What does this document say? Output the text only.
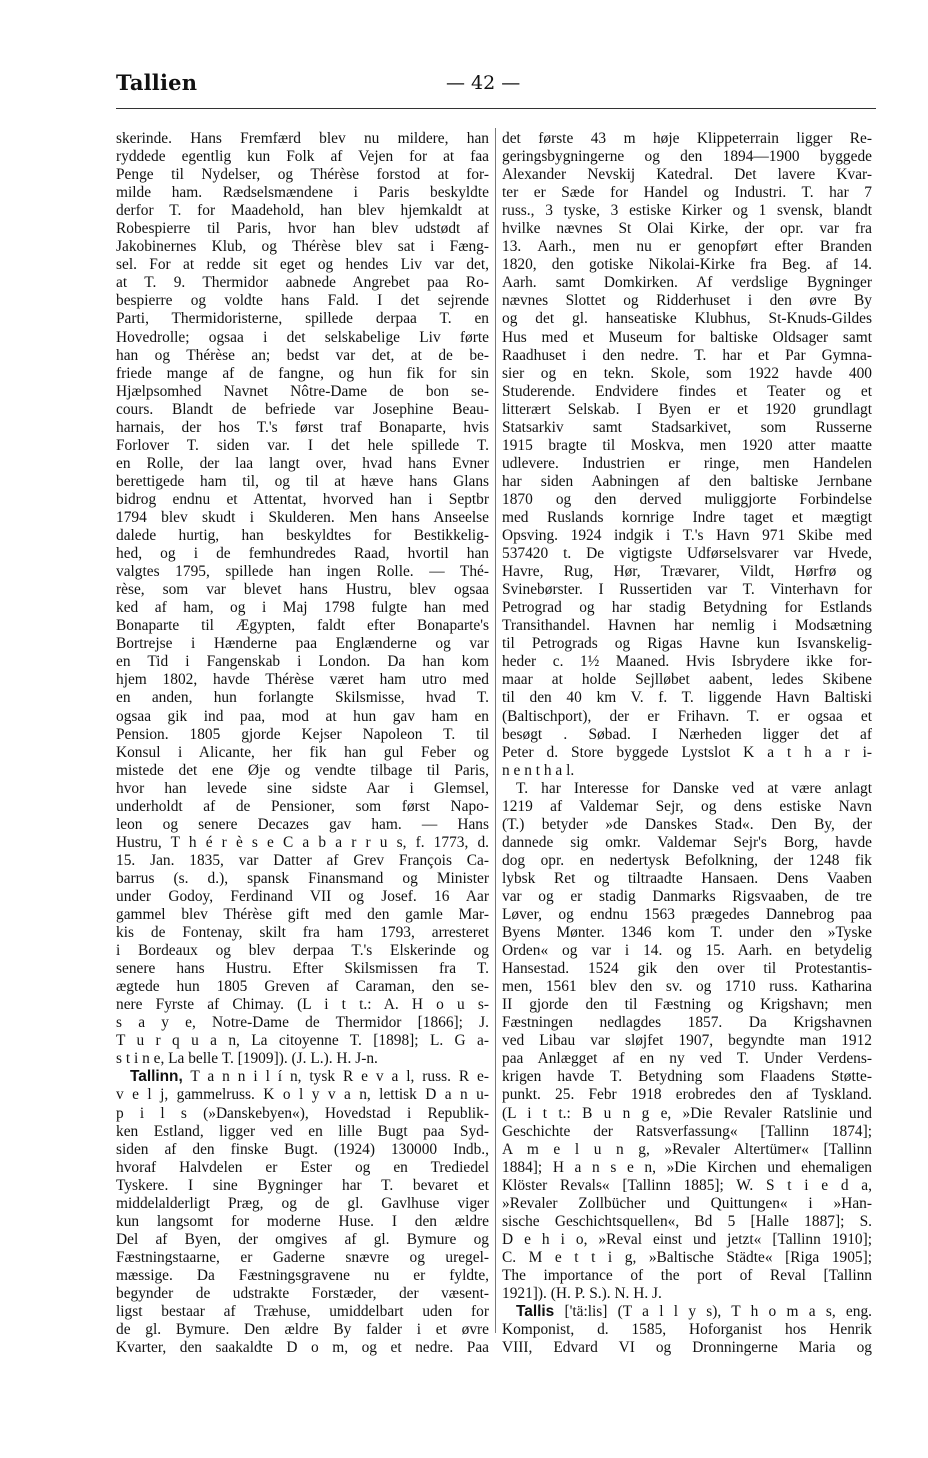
Tallien	— 42 —
skerinde. Hans Fremfærd blev nu mildere, han
ryddede egentlig kun Folk af Vejen for at faa
Penge til Nydelser, og Thérèse forstod at for-
milde ham. Rædselsmændene i Paris beskyldte
derfor T. for Maadehold, han blev hjemkaldt at
Robespierre til Paris, hvor han blev udstødt af
Jakobinernes Klub, og Thérèse blev sat i Fæng-
sel. For at redde sit eget og hendes Liv var det,
at T. 9. Thermidor aabnede Angrebet paa Ro-
bespierre og voldte hans Fald. I det sejrende
Parti, Thermidoristerne, spillede derpaa T. en
Hovedrolle; ogsaa i det selskabelige Liv førte
han og Thérèse an; bedst var det, at de be-
friede mange af de fangne, og hun fik for sin
Hjælpsomhed Navnet Nôtre-Dame de bon se-
cours. Blandt de befriede var Josephine Beau-
harnais, der hos T.'s først traf Bonaparte, hvis
Forlover T. siden var. I det hele spillede T.
en Rolle, der laa langt over, hvad hans Evner
berettigede ham til, og til at hæve hans Glans
bidrog endnu et Attentat, hvorved han i Septbr
1794 blev skudt i Skulderen. Men hans Anseelse
dalede hurtig, han beskyldtes for Bestikkelig-
hed, og i de femhundredes Raad, hvortil han
valgtes 1795, spillede han ingen Rolle. — Thé-
rèse, som var blevet hans Hustru, blev ogsaa
ked af ham, og i Maj 1798 fulgte han med
Bonaparte til Ægypten, faldt efter Bonaparte's
Bortrejse i Hænderne paa Englænderne og var
en Tid i Fangenskab i London. Da han kom
hjem 1802, havde Thérèse været ham utro med
en anden, hun forlangte Skilsmisse, hvad T.
ogsaa gik ind paa, mod at hun gav ham en
Pension. 1805 gjorde Kejser Napoleon T. til
Konsul i Alicante, her fik han gul Feber og
mistede det ene Øje og vendte tilbage til Paris,
hvor han levede sine sidste Aar i Glemsel,
underholdt af de Pensioner, som først Napo-
leon og senere Decazes gav ham. — Hans
Hustru, T h é r è s e C a b a r r u s, f. 1773, d.
15. Jan. 1835, var Datter af Grev François Ca-
barrus (s. d.), spansk Finansmand og Minister
under Godoy, Ferdinand VII og Josef. 16 Aar
gammel blev Thérèse gift med den gamle Mar-
kis de Fontenay, skilt fra ham 1793, arresteret
i Bordeaux og blev derpaa T.'s Elskerinde og
senere hans Hustru. Efter Skilsmissen fra T.
ægtede hun 1805 Greven af Caraman, den se-
nere Fyrste af Chimay. (L i t t.: A. H o u s-
s a y e, Notre-Dame de Thermidor [1866]; J.
T u r q u a n, La citoyenne T. [1898]; L. G a-
s t i n e, La belle T. [1909]). (J. L.). H. J-n.
Tallinn, T a n n i l í n, tysk R e v a l, russ. R e-
v e l j, gammelruss. K o l y v a n, lettisk D a n u-
p i l s (»Danskebyen«), Hovedstad i Republik-
ken Estland, ligger ved en lille Bugt paa Syd-
siden af den finske Bugt. (1924) 130000 Indb.,
hvoraf Halvdelen er Ester og en Trediedel
Tyskere. I sine Bygninger har T. bevaret et
middelalderligt Præg, og de gl. Gavlhuse viger
kun langsomt for moderne Huse. I den ældre
Del af Byen, der omgives af gl. Bymure og
Fæstningstaarne, er Gaderne snævre og uregel-
mæssige. Da Fæstningsgravene nu er fyldte,
begynder de udstrakte Forstæder, der væsent-
ligst bestaar af Træhuse, umiddelbart uden for
de gl. Bymure. Den ældre By falder i et øvre
Kvarter, den saakaldte D o m, og et nedre. Paa
det første 43 m høje Klippeterrain ligger Re-
geringsbygningerne og den 1894—1900 byggede
Alexander Nevskij Katedral. Det lavere Kvar-
ter er Sæde for Handel og Industri. T. har 7
russ., 3 tyske, 3 estiske Kirker og 1 svensk, blandt
hvilke nævnes St Olai Kirke, der opr. var fra
13. Aarh., men nu er genopført efter Branden
1820, den gotiske Nikolai-Kirke fra Beg. af 14.
Aarh. samt Domkirken. Af verdslige Bygninger
nævnes Slottet og Ridderhuset i den øvre By
og det gl. hanseatiske Klubhus, St-Knuds-Gildes
Hus med et Museum for baltiske Oldsager samt
Raadhuset i den nedre. T. har et Par Gymna-
sier og en tekn. Skole, som 1922 havde 400
Studerende. Endvidere findes et Teater og et
litterært Selskab. I Byen er et 1920 grundlagt
Statsarkiv samt Stadsarkivet, som Russerne
1915 bragte til Moskva, men 1920 atter maatte
udlevere. Industrien er ringe, men Handelen
har siden Aabningen af den baltiske Jernbane
1870 og den derved muliggjorte Forbindelse
med Ruslands kornrige Indre taget et mægtigt
Opsving. 1924 indgik i T.'s Havn 971 Skibe med
537420 t. De vigtigste Udførselsvarer var Hvede,
Havre, Rug, Hør, Trævarer, Vildt, Hørfrø og
Svinebørster. I Russertiden var T. Vinterhavn for
Petrograd og har stadig Betydning for Estlands
Transithandel. Havnen har nemlig i Modsætning
til Petrograds og Rigas Havne kun Isvanskelig-
heder c. 1½ Maaned. Hvis Isbrydere ikke for-
maar at holde Sejlløbet aabent, ledes Skibene
til den 40 km V. f. T. liggende Havn Baltiski
(Baltischport), der er Frihavn. T. er ogsaa et
besøgt . Søbad. I Nærheden ligger det af
Peter d. Store byggede Lystslot K a t h a r i-
n e n t h a l.
T. har Interesse for Danske ved at være anlagt
1219 af Valdemar Sejr, og dens estiske Navn
(T.) betyder »de Danskes Stad«. Den By, der
dannede sig omkr. Valdemar Sejr's Borg, havde
dog opr. en nedertysk Befolkning, der 1248 fik
lybsk Ret og tiltraadte Hansaen. Dens Vaaben
var og er stadig Danmarks Rigsvaaben, de tre
Løver, og endnu 1563 prægedes Dannebrog paa
Byens Mønter. 1346 kom T. under den »Tyske
Orden« og var i 14. og 15. Aarh. en betydelig
Hansestad. 1524 gik den over til Protestantis-
men, 1561 blev den sv. og 1710 russ. Katharina
II gjorde den til Fæstning og Krigshavn; men
Fæstningen nedlagdes 1857. Da Krigshavnen
ved Libau var sløjfet 1907, begyndte man 1912
paa Anlægget af en ny ved T. Under Verdens-
krigen havde T. Betydning som Flaadens Støtte-
punkt. 25. Febr 1918 erobredes den af Tyskland.
(L i t t.: B u n g e, »Die Revaler Ratslinie und
Geschichte der Ratsverfassung« [Tallinn 1874];
A m e l u n g, »Revaler Altertümer« [Tallinn
1884]; H a n s e n, »Die Kirchen und ehemaligen
Klöster Revals« [Tallinn 1885]; W. S t i e d a,
»Revaler Zollbücher und Quittungen« i »Han-
sische Geschichtsquellen«, Bd 5 [Halle 1887]; S.
D e h i o, »Reval einst und jetzt« [Tallinn 1910];
C. M e t t i g, »Baltische Städte« [Riga 1905];
The importance of the port of Reval [Tallinn
1921]). (H. P. S.). N. H. J.
Tallis ['tä:lis] (T a l l y s), T h o m a s, eng.
Komponist, d. 1585, Hoforganist hos Henrik
VIII, Edvard VI og Dronningerne Maria og
